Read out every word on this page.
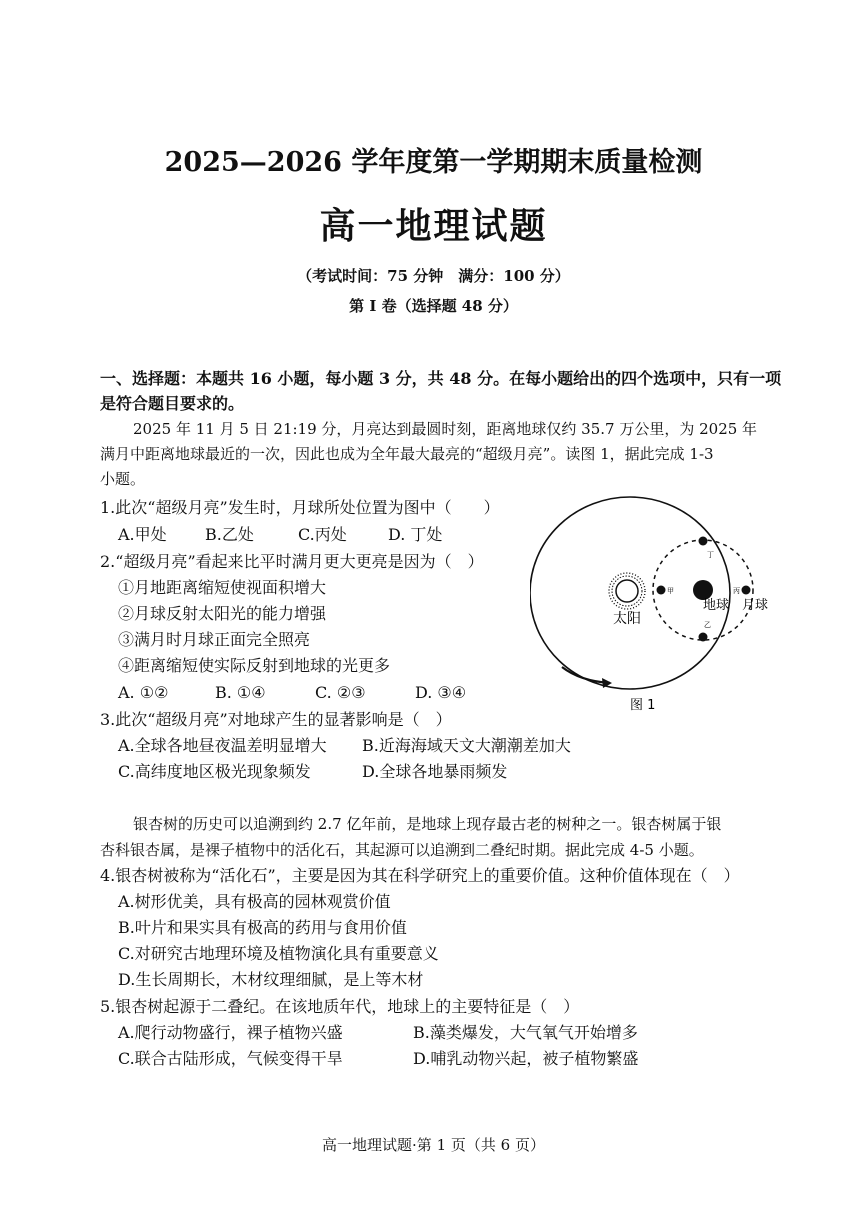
2025—2026 学年度第一学期期末质量检测
高一地理试题
（考试时间：75 分钟　满分：100 分）
第 I 卷（选择题 48 分）
一、选择题：本题共 16 小题，每小题 3 分，共 48 分。在每小题给出的四个选项中，只有一项
是符合题目要求的。
2025 年 11 月 5 日 21:19 分，月亮达到最圆时刻，距离地球仅约 35.7 万公里，为 2025 年
满月中距离地球最近的一次，因此也成为全年最大最亮的“超级月亮”。读图 1，据此完成 1-3
小题。
1.此次“超级月亮”发生时，月球所处位置为图中（　　）
A.甲处 B.乙处	C.丙处	D. 丁处
2.“超级月亮”看起来比平时满月更大更亮是因为（　）
①月地距离缩短使视面积增大
②月球反射太阳光的能力增强
③满月时月球正面完全照亮
④距离缩短使实际反射到地球的光更多
A. ①②	B. ①④	C. ②③	D. ③④
3.此次“超级月亮”对地球产生的显著影响是（　）
A.全球各地昼夜温差明显增大 B.近海海域天文大潮潮差加大
C.高纬度地区极光现象频发	D.全球各地暴雨频发
甲
丁
丙
乙
太阳
地球 月球
图 1
银杏树的历史可以追溯到约 2.7 亿年前，是地球上现存最古老的树种之一。银杏树属于银
杏科银杏属，是裸子植物中的活化石，其起源可以追溯到二叠纪时期。据此完成 4-5 小题。
4.银杏树被称为“活化石”，主要是因为其在科学研究上的重要价值。这种价值体现在（　）
A.树形优美，具有极高的园林观赏价值
B.叶片和果实具有极高的药用与食用价值
C.对研究古地理环境及植物演化具有重要意义
D.生长周期长，木材纹理细腻，是上等木材
5.银杏树起源于二叠纪。在该地质年代，地球上的主要特征是（　）
A.爬行动物盛行，裸子植物兴盛	B.藻类爆发，大气氧气开始增多
C.联合古陆形成，气候变得干旱	D.哺乳动物兴起，被子植物繁盛
高一地理试题·第 1 页（共 6 页）
